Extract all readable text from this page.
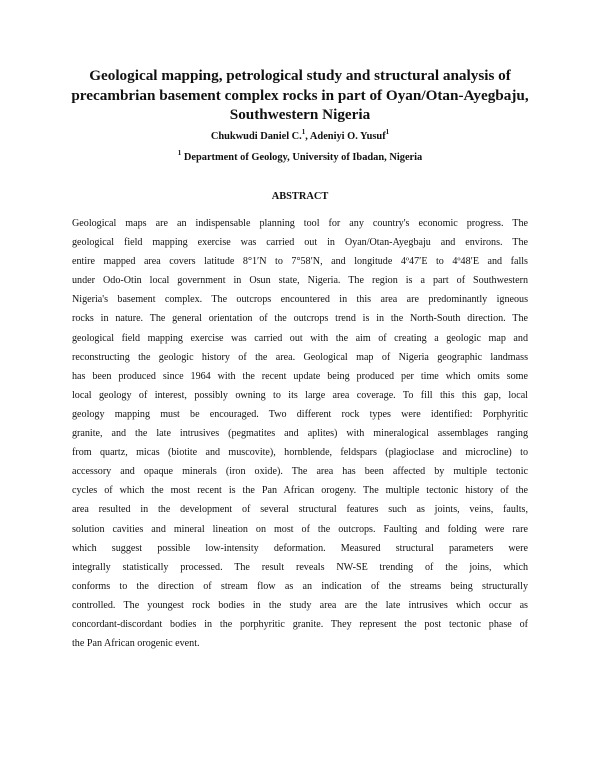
Geological mapping, petrological study and structural analysis of precambrian basement complex rocks in part of Oyan/Otan-Ayegbaju, Southwestern Nigeria
Chukwudi Daniel C.$^1$, Adeniyi O. Yusuf$^1$
$^1$ Department of Geology, University of Ibadan, Nigeria
ABSTRACT
Geological maps are an indispensable planning tool for any country's economic progress. The
geological field mapping exercise was carried out in Oyan/Otan-Ayegbaju and environs. The
entire mapped area covers latitude 8°1′N to 7°58′N, and longitude 4º47′E to 4º48′E and falls
under Odo-Otin local government in Osun state, Nigeria. The region is a part of Southwestern
Nigeria's basement complex. The outcrops encountered in this area are predominantly igneous
rocks in nature. The general orientation of the outcrops trend is in the North-South direction. The
geological field mapping exercise was carried out with the aim of creating a geologic map and
reconstructing the geologic history of the area. Geological map of Nigeria geographic landmass
has been produced since 1964 with the recent update being produced per time which omits some
local geology of interest, possibly owning to its large area coverage. To fill this this gap, local
geology mapping must be encouraged. Two different rock types were identified: Porphyritic
granite, and the late intrusives (pegmatites and aplites) with mineralogical assemblages ranging
from quartz, micas (biotite and muscovite), hornblende, feldspars (plagioclase and microcline) to
accessory and opaque minerals (iron oxide). The area has been affected by multiple tectonic
cycles of which the most recent is the Pan African orogeny. The multiple tectonic history of the
area resulted in the development of several structural features such as joints, veins, faults,
solution cavities and mineral lineation on most of the outcrops. Faulting and folding were rare
which suggest possible low-intensity deformation. Measured structural parameters were
integrally statistically processed. The result reveals NW-SE trending of the joins, which
conforms to the direction of stream flow as an indication of the streams being structurally
controlled. The youngest rock bodies in the study area are the late intrusives which occur as
concordant-discordant bodies in the porphyritic granite. They represent the post tectonic phase of
the Pan African orogenic event.
